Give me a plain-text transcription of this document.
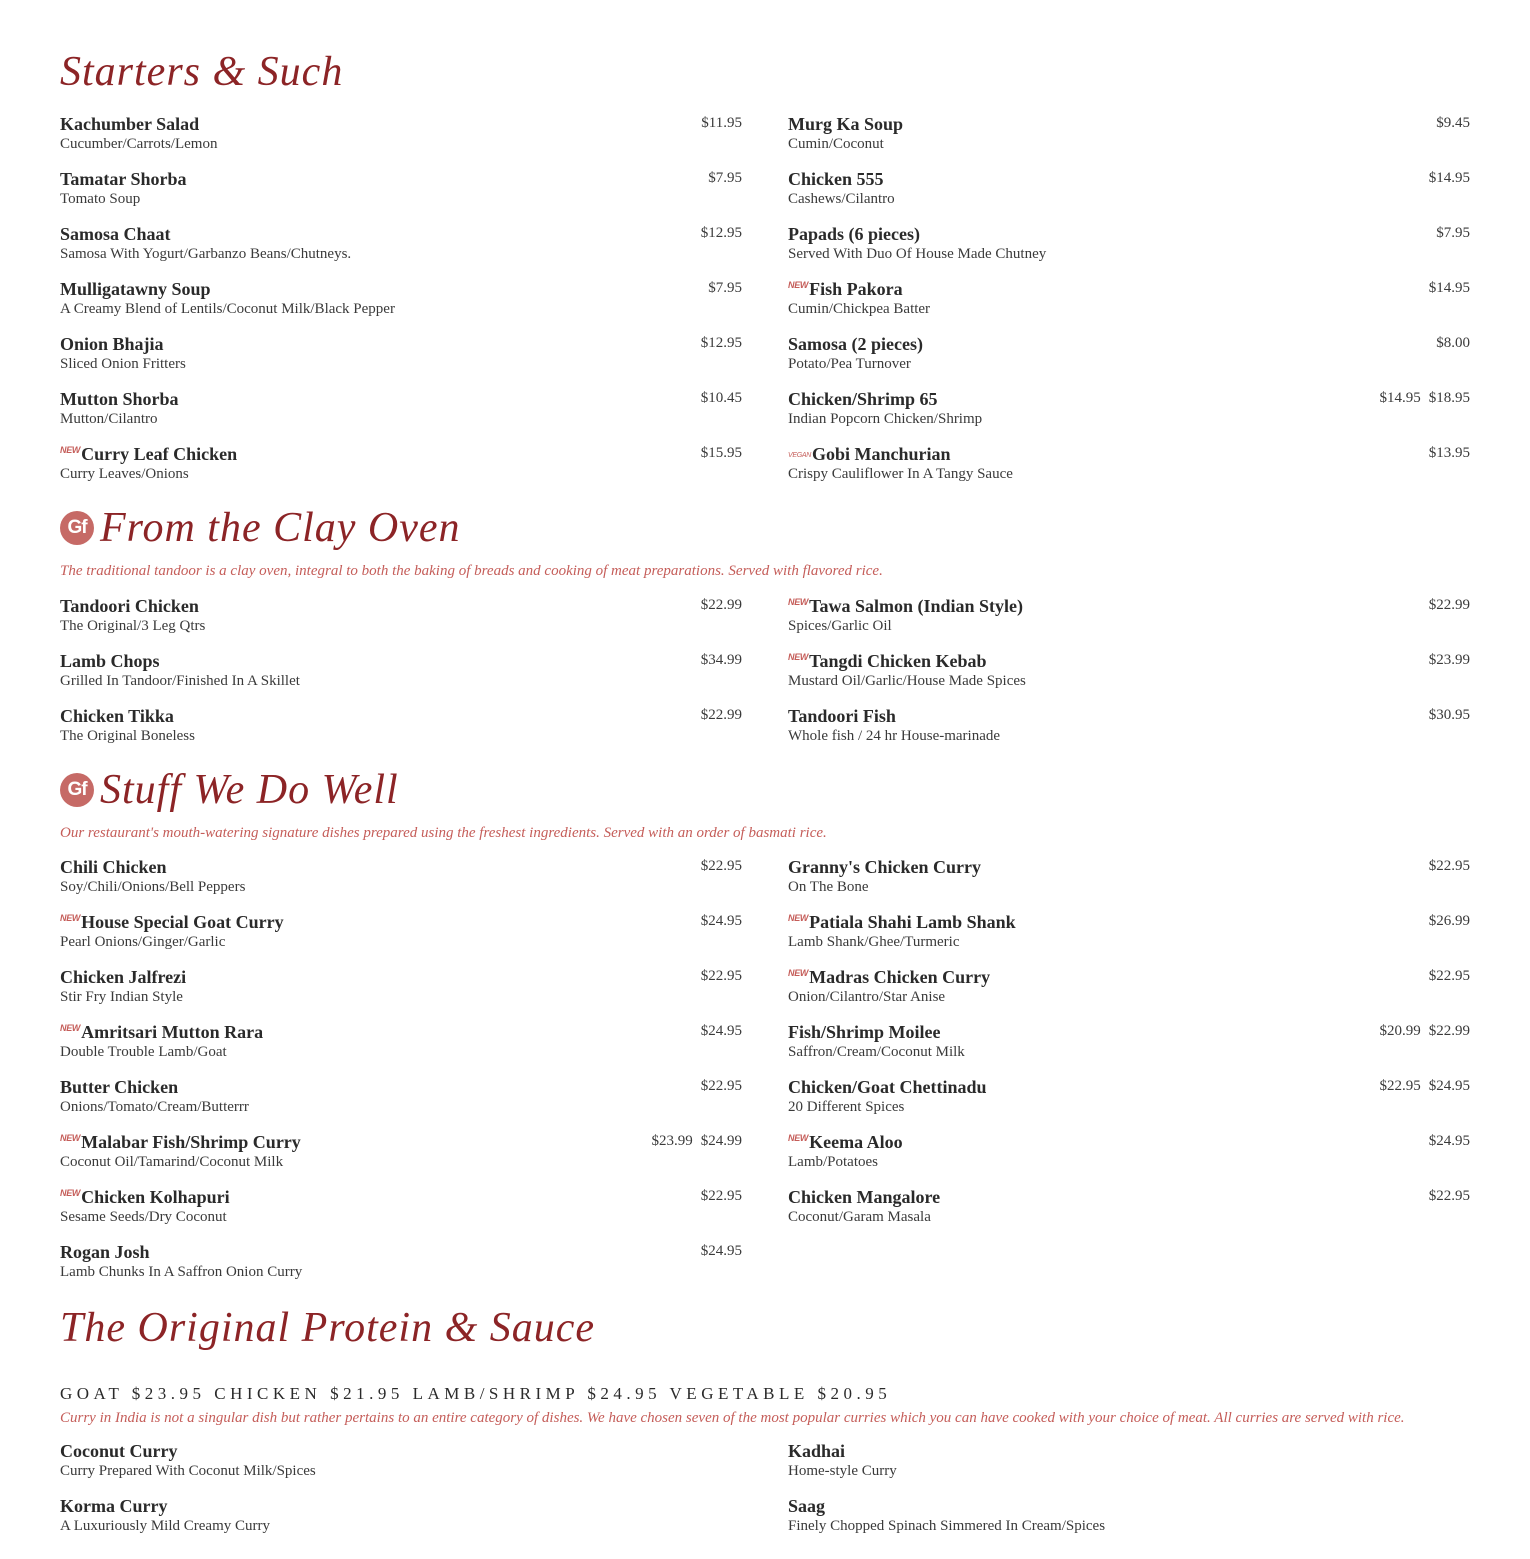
Starters & Such
Kachumber Salad
Cucumber/Carrots/Lemon
$11.95
Tamatar Shorba
Tomato Soup
$7.95
Samosa Chaat
Samosa With Yogurt/Garbanzo Beans/Chutneys.
$12.95
Mulligatawny Soup
A Creamy Blend of Lentils/Coconut Milk/Black Pepper
$7.95
Onion Bhajia
Sliced Onion Fritters
$12.95
Mutton Shorba
Mutton/Cilantro
$10.45
NEWCurry Leaf Chicken
Curry Leaves/Onions
$15.95
Murg Ka Soup
Cumin/Coconut
$9.45
Chicken 555
Cashews/Cilantro
$14.95
Papads (6 pieces)
Served With Duo Of House Made Chutney
$7.95
NEWFish Pakora
Cumin/Chickpea Batter
$14.95
Samosa (2 pieces)
Potato/Pea Turnover
$8.00
Chicken/Shrimp 65
Indian Popcorn Chicken/Shrimp
$14.95 $18.95
VEGANGobi Manchurian
Crispy Cauliflower In A Tangy Sauce
$13.95
Gf From the Clay Oven
The traditional tandoor is a clay oven, integral to both the baking of breads and cooking of meat preparations. Served with flavored rice.
Tandoori Chicken
The Original/3 Leg Qtrs
$22.99
Lamb Chops
Grilled In Tandoor/Finished In A Skillet
$34.99
Chicken Tikka
The Original Boneless
$22.99
NEWTawa Salmon (Indian Style)
Spices/Garlic Oil
$22.99
NEWTangdi Chicken Kebab
Mustard Oil/Garlic/House Made Spices
$23.99
Tandoori Fish
Whole fish / 24 hr House-marinade
$30.95
Gf Stuff We Do Well
Our restaurant's mouth-watering signature dishes prepared using the freshest ingredients. Served with an order of basmati rice.
Chili Chicken
Soy/Chili/Onions/Bell Peppers
$22.95
NEWHouse Special Goat Curry
Pearl Onions/Ginger/Garlic
$24.95
Chicken Jalfrezi
Stir Fry Indian Style
$22.95
NEWAmritsari Mutton Rara
Double Trouble Lamb/Goat
$24.95
Butter Chicken
Onions/Tomato/Cream/Butterrr
$22.95
NEWMalabar Fish/Shrimp Curry
Coconut Oil/Tamarind/Coconut Milk
$23.99 $24.99
NEWChicken Kolhapuri
Sesame Seeds/Dry Coconut
$22.95
Rogan Josh
Lamb Chunks In A Saffron Onion Curry
$24.95
Granny's Chicken Curry
On The Bone
$22.95
NEWPatiala Shahi Lamb Shank
Lamb Shank/Ghee/Turmeric
$26.99
NEWMadras Chicken Curry
Onion/Cilantro/Star Anise
$22.95
Fish/Shrimp Moilee
Saffron/Cream/Coconut Milk
$20.99 $22.99
Chicken/Goat Chettinadu
20 Different Spices
$22.95 $24.95
NEWKeema Aloo
Lamb/Potatoes
$24.95
Chicken Mangalore
Coconut/Garam Masala
$22.95
The Original Protein & Sauce
GOAT $23.95 CHICKEN $21.95 LAMB/SHRIMP $24.95 VEGETABLE $20.95
Curry in India is not a singular dish but rather pertains to an entire category of dishes. We have chosen seven of the most popular curries which you can have cooked with your choice of meat. All curries are served with rice.
Coconut Curry
Curry Prepared With Coconut Milk/Spices
Korma Curry
A Luxuriously Mild Creamy Curry
Kadhai
Home-style Curry
Saag
Finely Chopped Spinach Simmered In Cream/Spices
